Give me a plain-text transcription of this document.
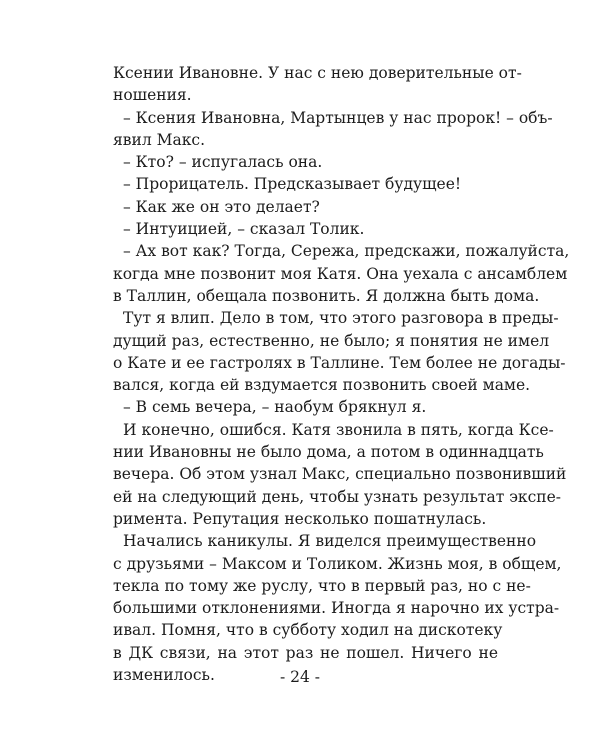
Ксении Ивановне. У нас с нею доверительные от-
ношения.
– Ксения Ивановна, Мартынцев у нас пророк! – объ-
явил Макс.
– Кто? – испугалась она.
– Прорицатель. Предсказывает будущее!
– Как же он это делает?
– Интуицией, – сказал Толик.
– Ах вот как? Тогда, Сережа, предскажи, пожалуйста,
когда мне позвонит моя Катя. Она уехала с ансамблем
в Таллин, обещала позвонить. Я должна быть дома.
Тут я влип. Дело в том, что этого разговора в преды-
дущий раз, естественно, не было; я понятия не имел
о Кате и ее гастролях в Таллине. Тем более не догады-
вался, когда ей вздумается позвонить своей маме.
– В семь вечера, – наобум брякнул я.
И конечно, ошибся. Катя звонила в пять, когда Ксе-
нии Ивановны не было дома, а потом в одиннадцать
вечера. Об этом узнал Макс, специально позвонивший
ей на следующий день, чтобы узнать результат экспе-
римента. Репутация несколько пошатнулась.
Начались каникулы. Я виделся преимущественно
с друзьями – Максом и Толиком. Жизнь моя, в общем,
текла по тому же руслу, что в первый раз, но с не-
большими отклонениями. Иногда я нарочно их устра-
ивал. Помня, что в субботу ходил на дискотеку
в ДК связи, на этот раз не пошел. Ничего не
изменилось.	- 24 -
